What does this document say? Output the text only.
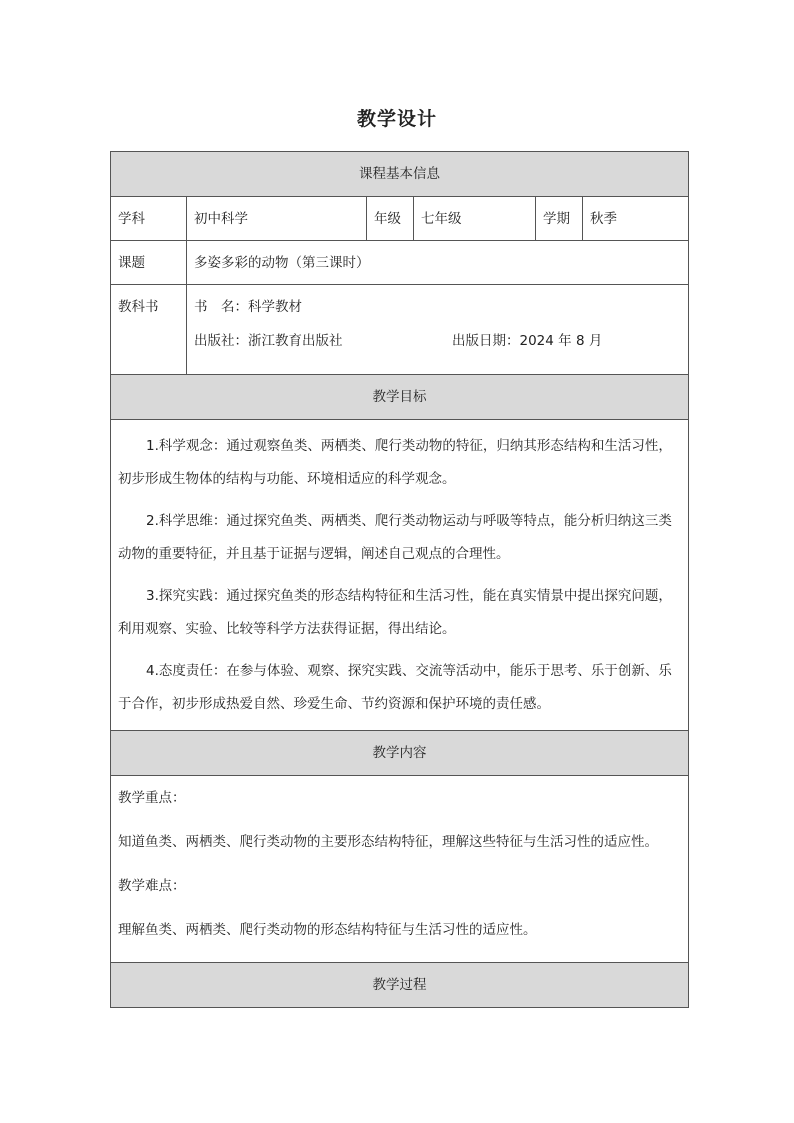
教学设计
课程基本信息					
学科	初中科学	年级	七年级	学期	秋季
课题	多姿多彩的动物（第三课时）				
教科书	书　名：科学教材
出版社：浙江教育出版社 出版日期：2024 年 8 月				

教学目标					

1.科学观念：通过观察鱼类、两栖类、爬行类动物的特征，归纳其形态结构和生活习性，初步形成生物体的结构与功能、环境相适应的科学观念。

2.科学思维：通过探究鱼类、两栖类、爬行类动物运动与呼吸等特点，能分析归纳这三类动物的重要特征，并且基于证据与逻辑，阐述自己观点的合理性。

3.探究实践：通过探究鱼类的形态结构特征和生活习性，能在真实情景中提出探究问题，利用观察、实验、比较等科学方法获得证据，得出结论。

4.态度责任：在参与体验、观察、探究实践、交流等活动中，能乐于思考、乐于创新、乐于合作，初步形成热爱自然、珍爱生命、节约资源和保护环境的责任感。					

教学内容					

教学重点：

知道鱼类、两栖类、爬行类动物的主要形态结构特征，理解这些特征与生活习性的适应性。

教学难点：

理解鱼类、两栖类、爬行类动物的形态结构特征与生活习性的适应性。					

教学过程					
